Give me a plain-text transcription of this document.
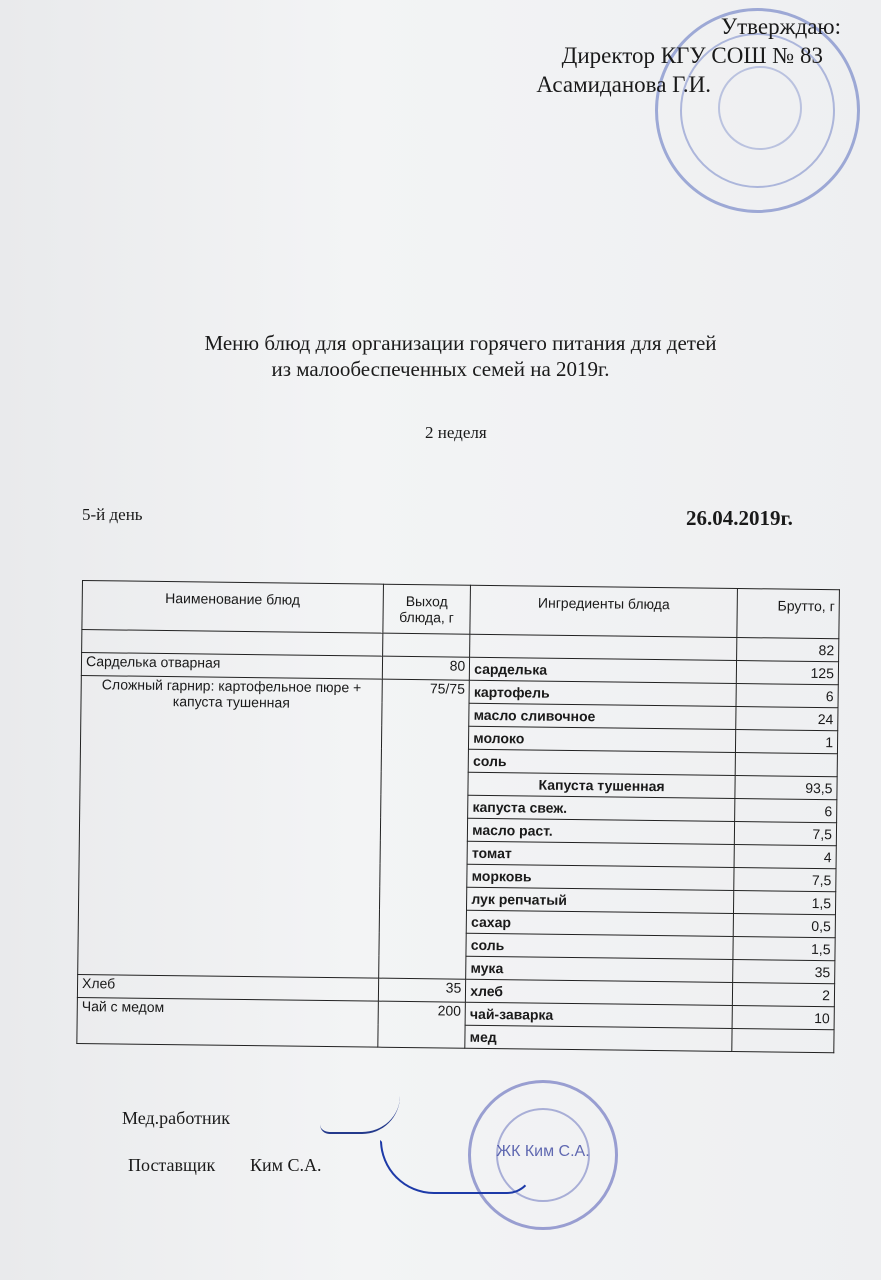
Утверждаю:
Директор КГУ СОШ № 83
Асамиданова Г.И.
Меню блюд для организации горячего питания для детей
из малообеспеченных семей на 2019г.
2 неделя
5-й день	26.04.2019г.
Наименование блюд	Выход блюда, г	Ингредиенты блюда	Брутто, г
			82
Сарделька отварная	80	сарделька	125
Сложный гарнир: картофельное пюре + капуста тушенная	75/75	картофель	6
		масло сливочное	24
		молоко	1
		соль	
		Капуста тушенная	93,5
		капуста свеж.	6
		масло раст.	7,5
		томат	4
		морковь	7,5
		лук репчатый	1,5
		сахар	0,5
		соль	1,5
		мука	35
Хлеб	35	хлеб	2
Чай с медом	200	чай-заварка	10
		мед	
Мед.работник
Поставщик Ким С.А.
ЖК Ким С.А.
